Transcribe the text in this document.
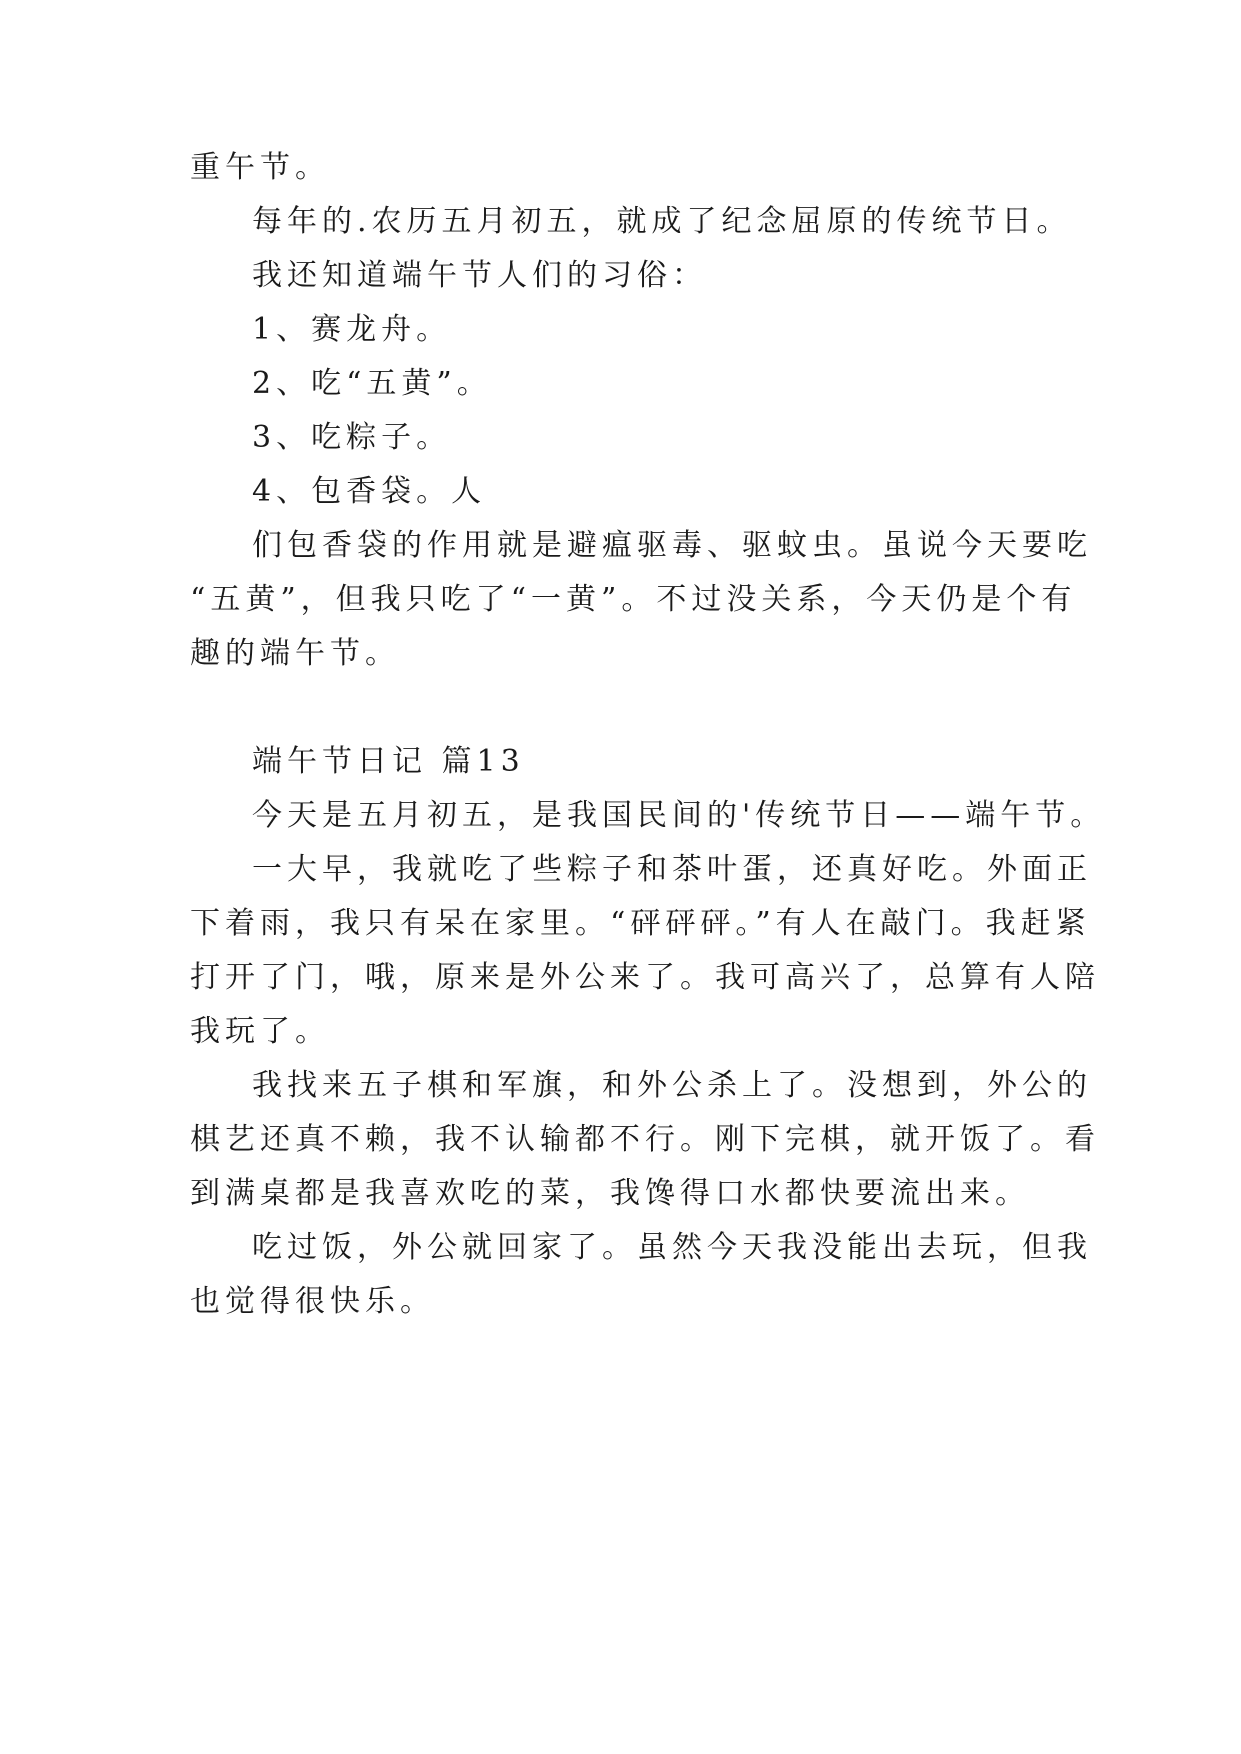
重午节。
每年的.农历五月初五，就成了纪念屈原的传统节日。
我还知道端午节人们的习俗：
1、赛龙舟。
2、吃“五黄”。
3、吃粽子。
4、包香袋。人
们包香袋的作用就是避瘟驱毒、驱蚊虫。虽说今天要吃
“五黄”，但我只吃了“一黄”。不过没关系，今天仍是个有
趣的端午节。
端午节日记 篇13
今天是五月初五，是我国民间的'传统节日——端午节。
一大早，我就吃了些粽子和茶叶蛋，还真好吃。外面正
下着雨，我只有呆在家里。“砰砰砰。”有人在敲门。我赶紧
打开了门，哦，原来是外公来了。我可高兴了，总算有人陪
我玩了。
我找来五子棋和军旗，和外公杀上了。没想到，外公的
棋艺还真不赖，我不认输都不行。刚下完棋，就开饭了。看
到满桌都是我喜欢吃的菜，我馋得口水都快要流出来。
吃过饭，外公就回家了。虽然今天我没能出去玩，但我
也觉得很快乐。
